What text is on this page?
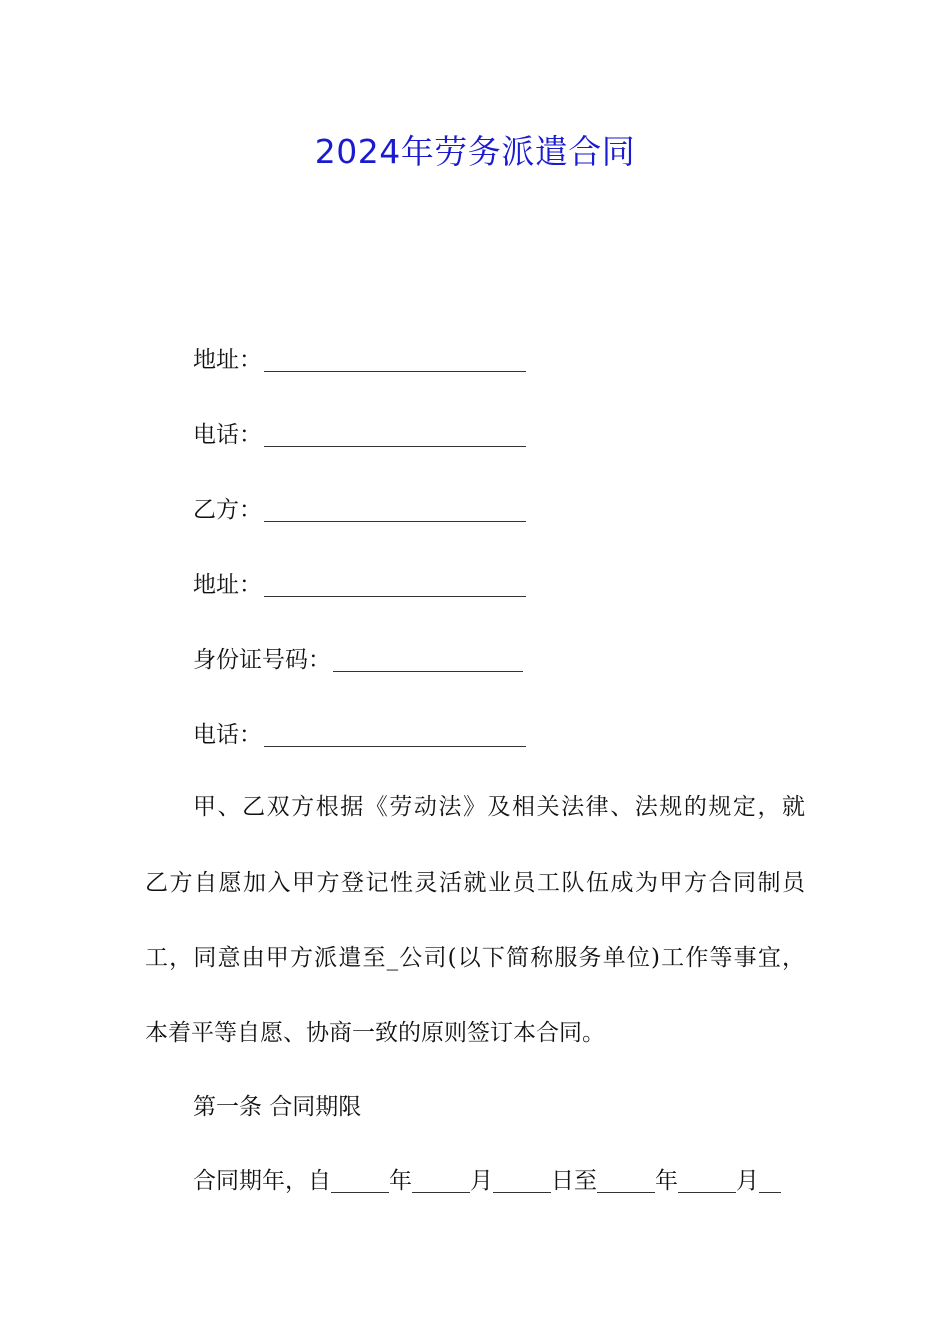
2024年劳务派遣合同
地址：
电话：
乙方：
地址：
身份证号码：
电话：
甲、乙双方根据《劳动法》及相关法律、法规的规定，就
乙方自愿加入甲方登记性灵活就业员工队伍成为甲方合同制员
工，同意由甲方派遣至_公司(以下简称服务单位)工作等事宜，
本着平等自愿、协商一致的原则签订本合同。
第一条 合同期限
合同期年，自	年	月	日至	年	月
